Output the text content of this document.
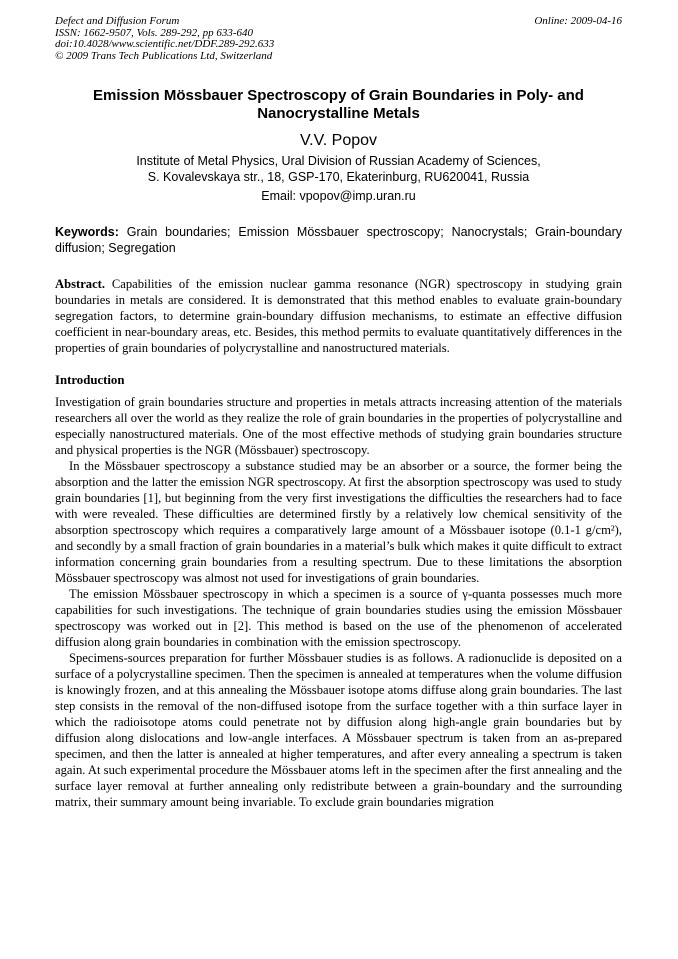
Defect and Diffusion Forum
ISSN: 1662-9507, Vols. 289-292, pp 633-640
doi:10.4028/www.scientific.net/DDF.289-292.633
© 2009 Trans Tech Publications Ltd, Switzerland
Online: 2009-04-16
Emission Mössbauer Spectroscopy of Grain Boundaries in Poly- and
Nanocrystalline Metals
V.V. Popov
Institute of Metal Physics, Ural Division of Russian Academy of Sciences,
S. Kovalevskaya str., 18, GSP-170, Ekaterinburg, RU620041, Russia
Email: vpopov@imp.uran.ru

Keywords: Grain boundaries; Emission Mössbauer spectroscopy; Nanocrystals; Grain-boundary diffusion; Segregation

Abstract. Capabilities of the emission nuclear gamma resonance (NGR) spectroscopy in studying grain boundaries in metals are considered. It is demonstrated that this method enables to evaluate grain-boundary segregation factors, to determine grain-boundary diffusion mechanisms, to estimate an effective diffusion coefficient in near-boundary areas, etc. Besides, this method permits to evaluate quantitatively differences in the properties of grain boundaries of polycrystalline and nanostructured materials.

Introduction

Investigation of grain boundaries structure and properties in metals attracts increasing attention of the materials researchers all over the world as they realize the role of grain boundaries in the properties of polycrystalline and especially nanostructured materials. One of the most effective methods of studying grain boundaries structure and physical properties is the NGR (Mössbauer) spectroscopy.

In the Mössbauer spectroscopy a substance studied may be an absorber or a source, the former being the absorption and the latter the emission NGR spectroscopy. At first the absorption spectroscopy was used to study grain boundaries [1], but beginning from the very first investigations the difficulties the researchers had to face with were revealed. These difficulties are determined firstly by a relatively low chemical sensitivity of the absorption spectroscopy which requires a comparatively large amount of a Mössbauer isotope (0.1-1 g/cm²), and secondly by a small fraction of grain boundaries in a material’s bulk which makes it quite difficult to extract information concerning grain boundaries from a resulting spectrum. Due to these limitations the absorption Mössbauer spectroscopy was almost not used for investigations of grain boundaries.

The emission Mössbauer spectroscopy in which a specimen is a source of γ-quanta possesses much more capabilities for such investigations. The technique of grain boundaries studies using the emission Mössbauer spectroscopy was worked out in [2]. This method is based on the use of the phenomenon of accelerated diffusion along grain boundaries in combination with the emission spectroscopy.

Specimens-sources preparation for further Mössbauer studies is as follows. A radionuclide is deposited on a surface of a polycrystalline specimen. Then the specimen is annealed at temperatures when the volume diffusion is knowingly frozen, and at this annealing the Mössbauer isotope atoms diffuse along grain boundaries. The last step consists in the removal of the non-diffused isotope from the surface together with a thin surface layer in which the radioisotope atoms could penetrate not by diffusion along high-angle grain boundaries but by diffusion along dislocations and low-angle interfaces. A Mössbauer spectrum is taken from an as-prepared specimen, and then the latter is annealed at higher temperatures, and after every annealing a spectrum is taken again. At such experimental procedure the Mössbauer atoms left in the specimen after the first annealing and the surface layer removal at further annealing only redistribute between a grain-boundary and the surrounding matrix, their summary amount being invariable. To exclude grain boundaries migration
